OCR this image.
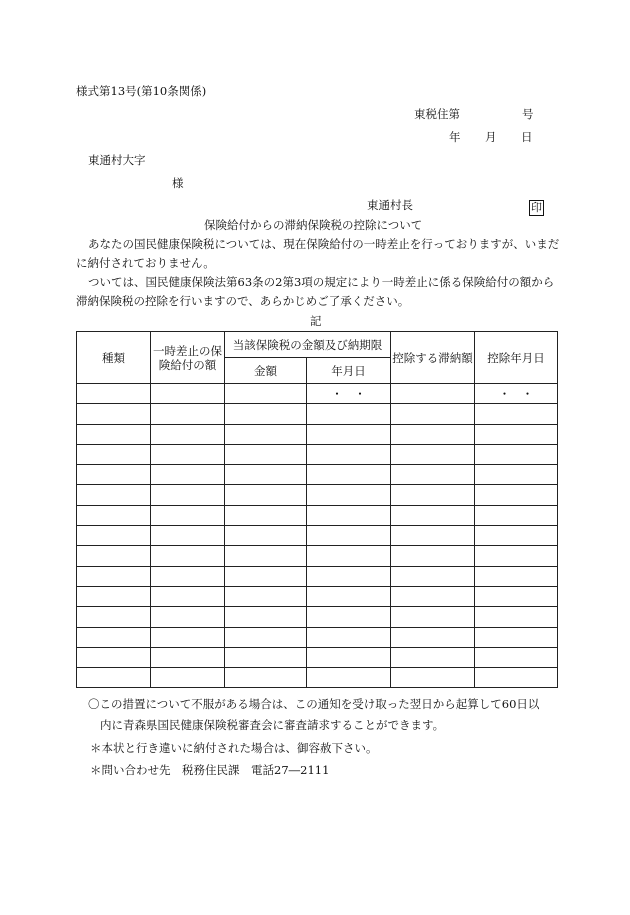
様式第13号(第10条関係)
東税住第	号
年 月 日
東通村大字
様
東通村長	印
保険給付からの滞納保険税の控除について
あなたの国民健康保険税については、現在保険給付の一時差止を行っておりますが、いまだに納付されておりません。
ついては、国民健康保険法第63条の2第3項の規定により一時差止に係る保険給付の額から滞納保険税の控除を行いますので、あらかじめご了承ください。
記
種類	一時差止の保険給付の額	当該保険税の金額及び納期限		控除する滞納額	控除年月日
		金額	年月日		
			・　・		・　・

〇この措置について不服がある場合は、この通知を受け取った翌日から起算して60日以
内に青森県国民健康保険税審査会に審査請求することができます。
＊本状と行き違いに納付された場合は、御容赦下さい。
＊問い合わせ先　税務住民課　電話27―2111
